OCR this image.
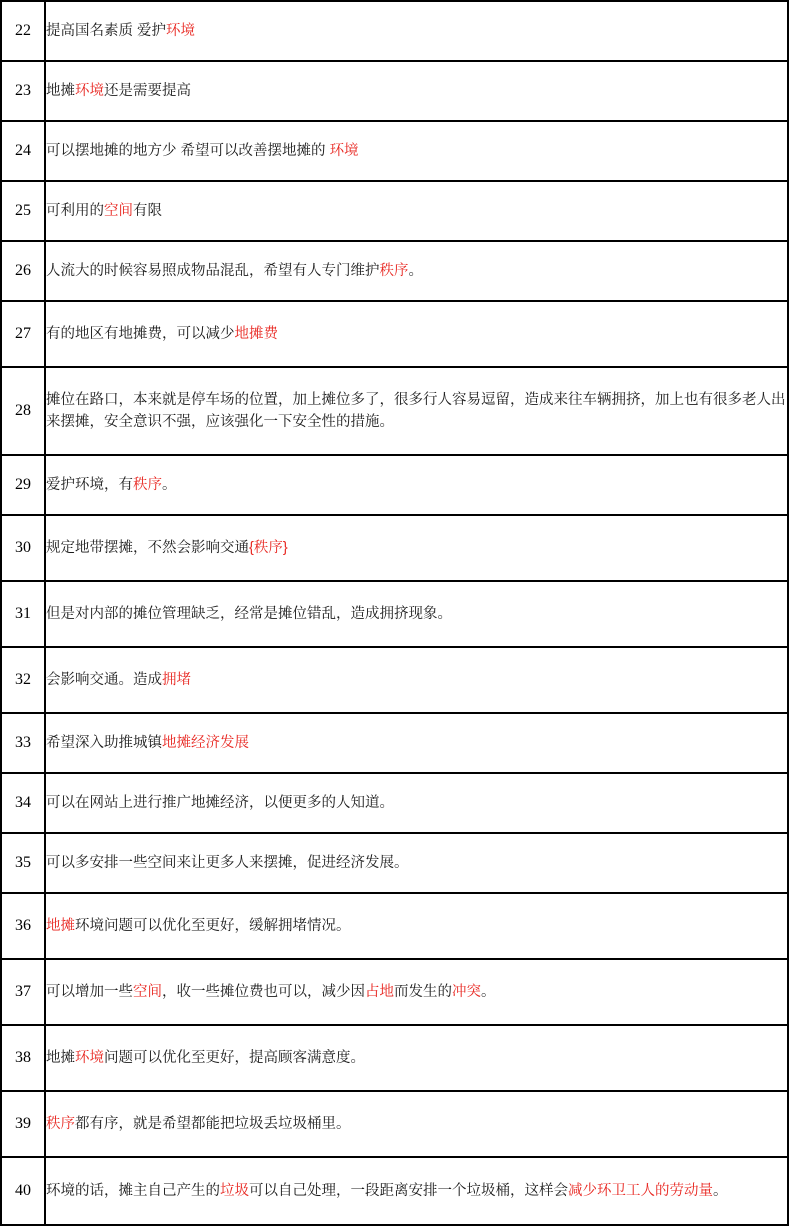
22	提高国名素质 爱护环境

23	地摊环境还是需要提高

24	可以摆地摊的地方少 希望可以改善摆地摊的 环境

25	可利用的空间有限

26	人流大的时候容易照成物品混乱，希望有人专门维护秩序。

27	有的地区有地摊费，可以减少地摊费

28	摊位在路口，本来就是停车场的位置，加上摊位多了，很多行人容易逗留，造成来往车辆拥挤，加上也有很多老人出来摆摊，安全意识不强，应该强化一下安全性的措施。

29	爱护环境，有秩序。

30	规定地带摆摊，不然会影响交通{秩序}

31	但是对内部的摊位管理缺乏，经常是摊位错乱，造成拥挤现象。

32	会影响交通。造成拥堵

33	希望深入助推城镇地摊经济发展

34	可以在网站上进行推广地摊经济，以便更多的人知道。

35	可以多安排一些空间来让更多人来摆摊，促进经济发展。

36	地摊环境问题可以优化至更好，缓解拥堵情况。

37	可以增加一些空间，收一些摊位费也可以，减少因占地而发生的冲突。

38	地摊环境问题可以优化至更好，提高顾客满意度。

39	秩序都有序，就是希望都能把垃圾丢垃圾桶里。

40	环境的话，摊主自己产生的垃圾可以自己处理，一段距离安排一个垃圾桶，这样会减少环卫工人的劳动量。
